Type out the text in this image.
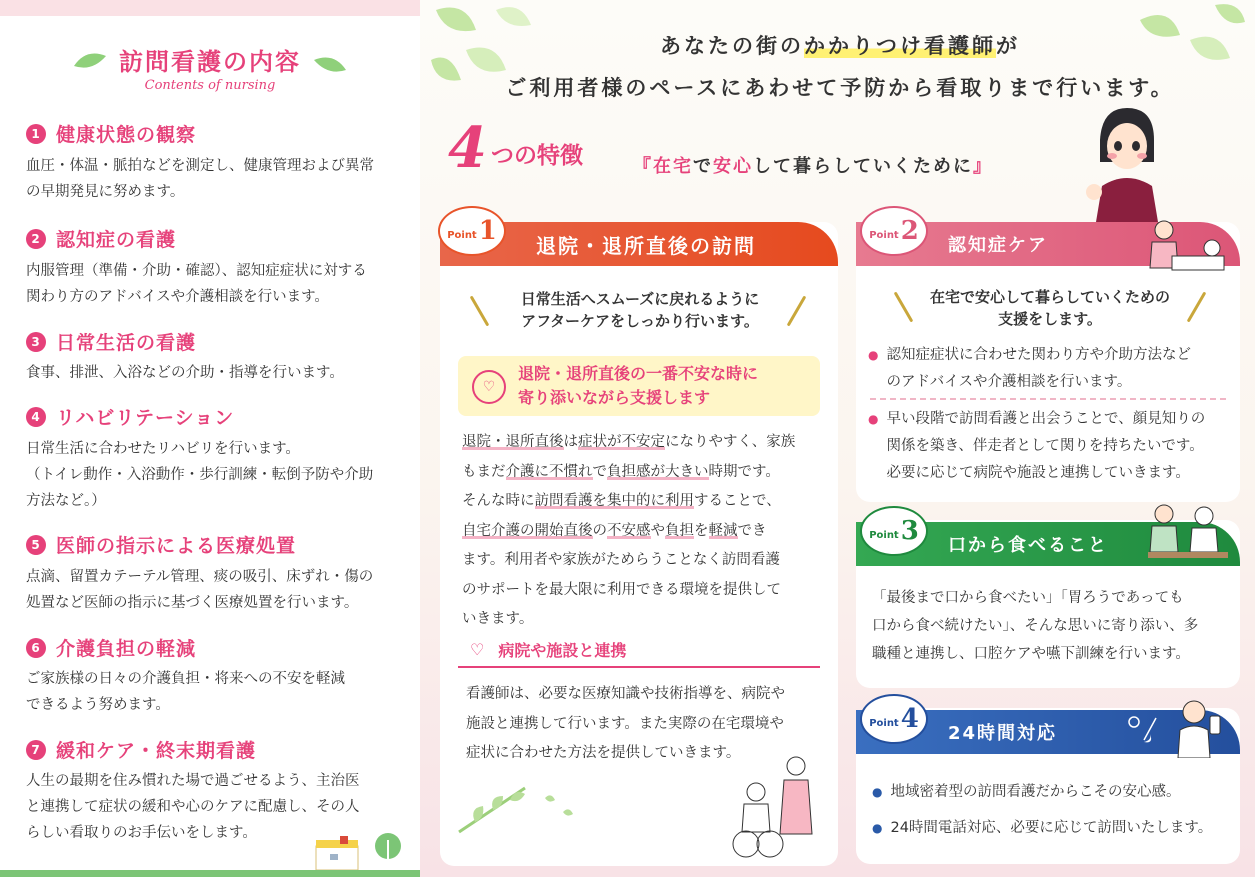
訪問看護の内容
Contents of nursing
1 健康状態の観察
血圧・体温・脈拍などを測定し、健康管理および異常
の早期発見に努めます。
2 認知症の看護
内服管理（準備・介助・確認）、認知症症状に対する
関わり方のアドバイスや介護相談を行います。
3 日常生活の看護
食事、排泄、入浴などの介助・指導を行います。
4 リハビリテーション
日常生活に合わせたリハビリを行います。
（トイレ動作・入浴動作・歩行訓練・転倒予防や介助
方法など。）
5 医師の指示による医療処置
点滴、留置カテーテル管理、痰の吸引、床ずれ・傷の
処置など医師の指示に基づく医療処置を行います。
6 介護負担の軽減
ご家族様の日々の介護負担・将来への不安を軽減
できるよう努めます。
7 緩和ケア・終末期看護
人生の最期を住み慣れた場で過ごせるよう、主治医
と連携して症状の緩和や心のケアに配慮し、その人
らしい看取りのお手伝いをします。
あなたの街のかかりつけ看護師が
ご利用者様のペースにあわせて予防から看取りまで行います。
4 つの特徴	『在宅で安心して暮らしていくために』
退院・退所直後の訪問
Point 1
日常生活へスムーズに戻れるように
アフターケアをしっかり行います。
♡
退院・退所直後の一番不安な時に
寄り添いながら支援します
退院・退所直後は症状が不安定になりやすく、家族
もまだ介護に不慣れで負担感が大きい時期です。
そんな時に訪問看護を集中的に利用することで、
自宅介護の開始直後の不安感や負担を軽減でき
ます。利用者や家族がためらうことなく訪問看護
のサポートを最大限に利用できる環境を提供して
いきます。
♡ 病院や施設と連携
看護師は、必要な医療知識や技術指導を、病院や
施設と連携して行います。また実際の在宅環境や
症状に合わせた方法を提供していきます。
認知症ケア
Point 2
在宅で安心して暮らしていくための
支援をします。
● 認知症症状に合わせた関わり方や介助方法など
のアドバイスや介護相談を行います。
● 早い段階で訪問看護と出会うことで、顔見知りの
関係を築き、伴走者として関りを持ちたいです。
必要に応じて病院や施設と連携していきます。
口から食べること
Point 3
「最後まで口から食べたい」「胃ろうであっても
口から食べ続けたい」、そんな思いに寄り添い、多
職種と連携し、口腔ケアや嚥下訓練を行います。
24時間対応
Point 4
● 地域密着型の訪問看護だからこその安心感。
● 24時間電話対応、必要に応じて訪問いたします。
